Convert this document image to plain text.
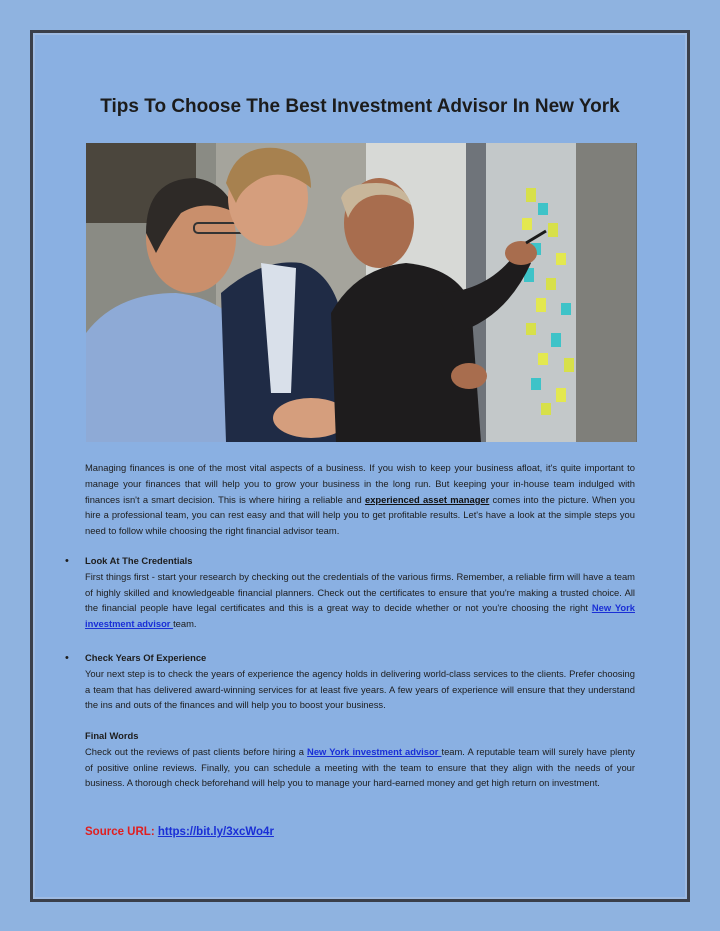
Tips To Choose The Best Investment Advisor In New York
Managing finances is one of the most vital aspects of a business. If you wish to keep your business afloat, it's quite important to manage your finances that will help you to grow your business in the long run. But keeping your in-house team indulged with finances isn't a smart decision. This is where hiring a reliable and experienced asset manager comes into the picture. When you hire a professional team, you can rest easy and that will help you to get profitable results. Let's have a look at the simple steps you need to follow while choosing the right financial advisor team.
• Look At The Credentials
First things first - start your research by checking out the credentials of the various firms. Remember, a reliable firm will have a team of highly skilled and knowledgeable financial planners. Check out the certificates to ensure that you're making a trusted choice. All the financial people have legal certificates and this is a great way to decide whether or not you're choosing the right New York investment advisor team.
• Check Years Of Experience
Your next step is to check the years of experience the agency holds in delivering world-class services to the clients. Prefer choosing a team that has delivered award-winning services for at least five years. A few years of experience will ensure that they understand the ins and outs of the finances and will help you to boost your business.
Final Words
Check out the reviews of past clients before hiring a New York investment advisor team. A reputable team will surely have plenty of positive online reviews. Finally, you can schedule a meeting with the team to ensure that they align with the needs of your business. A thorough check beforehand will help you to manage your hard-earned money and get high return on investment.
Source URL: https://bit.ly/3xcWo4r
